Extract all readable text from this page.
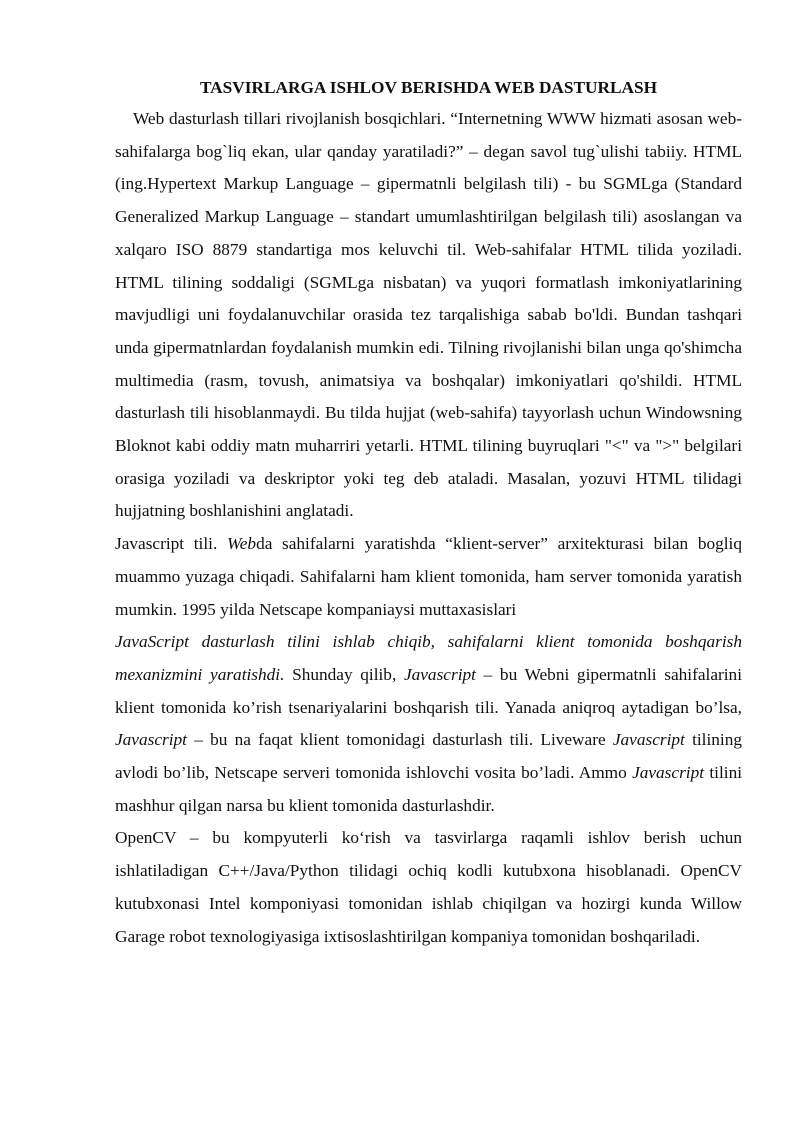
TASVIRLARGA ISHLOV BERISHDA WEB DASTURLASH

Web dasturlash tillari rivojlanish bosqichlari. “Internetning WWW hizmati asosan web-sahifalarga bog`liq ekan, ular qanday yaratiladi?” – degan savol tug`ulishi tabiiy. HTML (ing.Hypertext Markup Language – gipermatnli belgilash tili) - bu SGMLga (Standard Generalized Markup Language – standart umumlashtirilgan belgilash tili) asoslangan va xalqaro ISO 8879 standartiga mos keluvchi til. Web-sahifalar HTML tilida yoziladi. HTML tilining soddaligi (SGMLga nisbatan) va yuqori formatlash imkoniyatlarining mavjudligi uni foydalanuvchilar orasida tez tarqalishiga sabab bo'ldi. Bundan tashqari unda gipermatnlardan foydalanish mumkin edi. Tilning rivojlanishi bilan unga qo'shimcha multimedia (rasm, tovush, animatsiya va boshqalar) imkoniyatlari qo'shildi. HTML dasturlash tili hisoblanmaydi. Bu tilda hujjat (web-sahifa) tayyorlash uchun Windowsning Bloknot kabi oddiy matn muharriri yetarli. HTML tilining buyruqlari "<" va ">" belgilari orasiga yoziladi va deskriptor yoki teg deb ataladi. Masalan, yozuvi HTML tilidagi hujjatning boshlanishini anglatadi.

Javascript tili. Webda sahifalarni yaratishda “klient-server” arxitekturasi bilan bogliq muammo yuzaga chiqadi. Sahifalarni ham klient tomonida, ham server tomonida yaratish mumkin. 1995 yilda Netscape kompaniaysi muttaxasislari

JavaScript dasturlash tilini ishlab chiqib, sahifalarni klient tomonida boshqarish mexanizmini yaratishdi. Shunday qilib, Javascript – bu Webni gipermatnli sahifalarini klient tomonida ko’rish tsenariyalarini boshqarish tili. Yanada aniqroq aytadigan bo’lsa, Javascript – bu na faqat klient tomonidagi dasturlash tili. Liveware Javascript tilining avlodi bo’lib, Netscape serveri tomonida ishlovchi vosita bo’ladi. Ammo Javascript tilini mashhur qilgan narsa bu klient tomonida dasturlashdir.

OpenCV – bu kompyuterli ko‘rish va tasvirlarga raqamli ishlov berish uchun ishlatiladigan C++/Java/Python tilidagi ochiq kodli kutubxona hisoblanadi. OpenCV kutubxonasi Intel komponiyasi tomonidan ishlab chiqilgan va hozirgi kunda Willow Garage robot texnologiyasiga ixtisoslashtirilgan kompaniya tomonidan boshqariladi.
